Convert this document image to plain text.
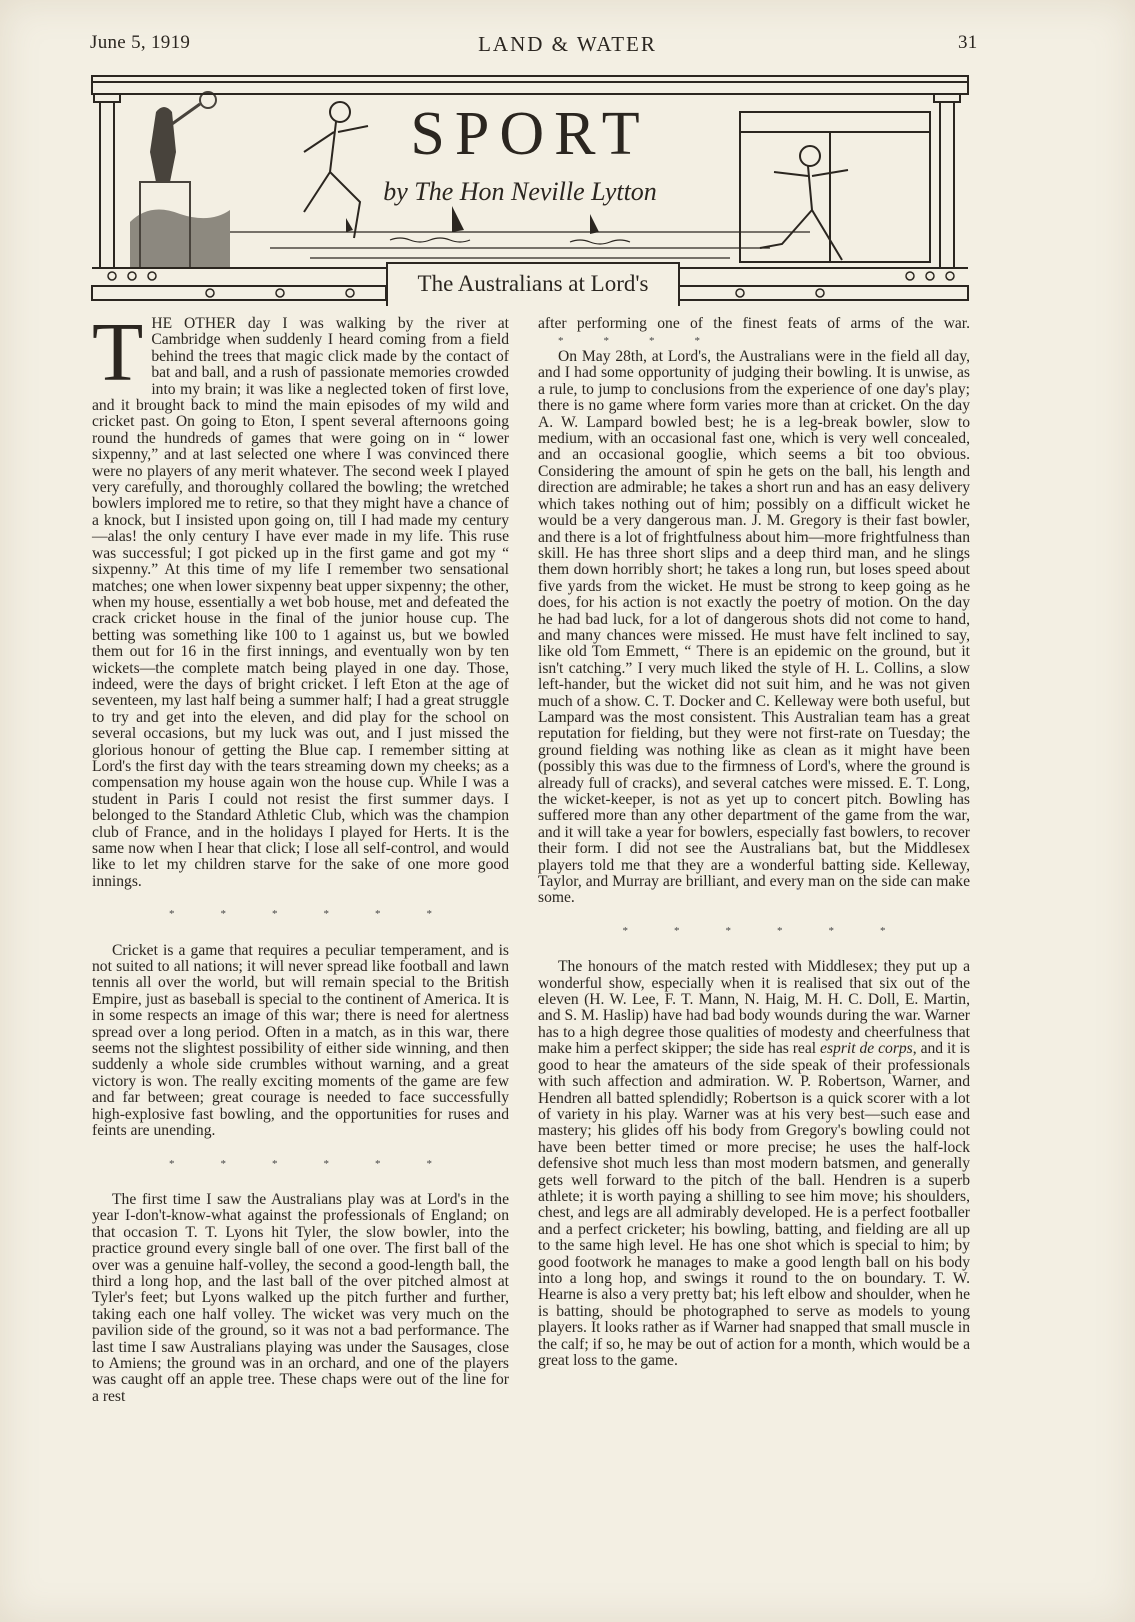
June 5, 1919	LAND & WATER	31
SPORT
by The Hon Neville Lytton
The Australians at Lord's

THE OTHER day I was walking by the river at Cambridge when suddenly I heard coming from a field behind the trees that magic click made by the contact of bat and ball, and a rush of passionate memories crowded into my brain; it was like a neglected token of first love, and it brought back to mind the main episodes of my wild and cricket past. On going to Eton, I spent several afternoons going round the hundreds of games that were going on in “ lower sixpenny,” and at last selected one where I was convinced there were no players of any merit whatever. The second week I played very carefully, and thoroughly collared the bowling; the wretched bowlers implored me to retire, so that they might have a chance of a knock, but I insisted upon going on, till I had made my century—alas! the only century I have ever made in my life. This ruse was successful; I got picked up in the first game and got my “ sixpenny.” At this time of my life I remember two sensational matches; one when lower sixpenny beat upper sixpenny; the other, when my house, essentially a wet bob house, met and defeated the crack cricket house in the final of the junior house cup. The betting was something like 100 to 1 against us, but we bowled them out for 16 in the first innings, and eventually won by ten wickets—the complete match being played in one day. Those, indeed, were the days of bright cricket. I left Eton at the age of seventeen, my last half being a summer half; I had a great struggle to try and get into the eleven, and did play for the school on several occasions, but my luck was out, and I just missed the glorious honour of getting the Blue cap. I remember sitting at Lord's the first day with the tears streaming down my cheeks; as a compensation my house again won the house cup. While I was a student in Paris I could not resist the first summer days. I belonged to the Standard Athletic Club, which was the champion club of France, and in the holidays I played for Herts. It is the same now when I hear that click; I lose all self-control, and would like to let my children starve for the sake of one more good innings.

*	*	*	*	*	*

Cricket is a game that requires a peculiar temperament, and is not suited to all nations; it will never spread like football and lawn tennis all over the world, but will remain special to the British Empire, just as baseball is special to the continent of America. It is in some respects an image of this war; there is need for alertness spread over a long period. Often in a match, as in this war, there seems not the slightest possibility of either side winning, and then suddenly a whole side crumbles without warning, and a great victory is won. The really exciting moments of the game are few and far between; great courage is needed to face successfully high-explosive fast bowling, and the opportunities for ruses and feints are unending.

*	*	*	*	*	*

The first time I saw the Australians play was at Lord's in the year I-don't-know-what against the professionals of England; on that occasion T. T. Lyons hit Tyler, the slow bowler, into the practice ground every single ball of one over. The first ball of the over was a genuine half-volley, the second a good-length ball, the third a long hop, and the last ball of the over pitched almost at Tyler's feet; but Lyons walked up the pitch further and further, taking each one half volley. The wicket was very much on the pavilion side of the ground, so it was not a bad performance. The last time I saw Australians playing was under the Sausages, close to Amiens; the ground was in an orchard, and one of the players was caught off an apple tree. These chaps were out of the line for a rest

after performing one of the finest feats of arms of the war.
*	*	*	*

On May 28th, at Lord's, the Australians were in the field all day, and I had some opportunity of judging their bowling. It is unwise, as a rule, to jump to conclusions from the experience of one day's play; there is no game where form varies more than at cricket. On the day A. W. Lampard bowled best; he is a leg-break bowler, slow to medium, with an occasional fast one, which is very well concealed, and an occasional googlie, which seems a bit too obvious. Considering the amount of spin he gets on the ball, his length and direction are admirable; he takes a short run and has an easy delivery which takes nothing out of him; possibly on a difficult wicket he would be a very dangerous man. J. M. Gregory is their fast bowler, and there is a lot of frightfulness about him—more frightfulness than skill. He has three short slips and a deep third man, and he slings them down horribly short; he takes a long run, but loses speed about five yards from the wicket. He must be strong to keep going as he does, for his action is not exactly the poetry of motion. On the day he had bad luck, for a lot of dangerous shots did not come to hand, and many chances were missed. He must have felt inclined to say, like old Tom Emmett, “ There is an epidemic on the ground, but it isn't catching.” I very much liked the style of H. L. Collins, a slow left-hander, but the wicket did not suit him, and he was not given much of a show. C. T. Docker and C. Kelleway were both useful, but Lampard was the most consistent. This Australian team has a great reputation for fielding, but they were not first-rate on Tuesday; the ground fielding was nothing like as clean as it might have been (possibly this was due to the firmness of Lord's, where the ground is already full of cracks), and several catches were missed. E. T. Long, the wicket-keeper, is not as yet up to concert pitch. Bowling has suffered more than any other department of the game from the war, and it will take a year for bowlers, especially fast bowlers, to recover their form. I did not see the Australians bat, but the Middlesex players told me that they are a wonderful batting side. Kelleway, Taylor, and Murray are brilliant, and every man on the side can make some.

*	*	*	*	*	*

The honours of the match rested with Middlesex; they put up a wonderful show, especially when it is realised that six out of the eleven (H. W. Lee, F. T. Mann, N. Haig, M. H. C. Doll, E. Martin, and S. M. Haslip) have had bad body wounds during the war. Warner has to a high degree those qualities of modesty and cheerfulness that make him a perfect skipper; the side has real esprit de corps, and it is good to hear the amateurs of the side speak of their professionals with such affection and admiration. W. P. Robertson, Warner, and Hendren all batted splendidly; Robertson is a quick scorer with a lot of variety in his play. Warner was at his very best—such ease and mastery; his glides off his body from Gregory's bowling could not have been better timed or more precise; he uses the half-lock defensive shot much less than most modern batsmen, and generally gets well forward to the pitch of the ball. Hendren is a superb athlete; it is worth paying a shilling to see him move; his shoulders, chest, and legs are all admirably developed. He is a perfect footballer and a perfect cricketer; his bowling, batting, and fielding are all up to the same high level. He has one shot which is special to him; by good footwork he manages to make a good length ball on his body into a long hop, and swings it round to the on boundary. T. W. Hearne is also a very pretty bat; his left elbow and shoulder, when he is batting, should be photographed to serve as models to young players. It looks rather as if Warner had snapped that small muscle in the calf; if so, he may be out of action for a month, which would be a great loss to the game.
